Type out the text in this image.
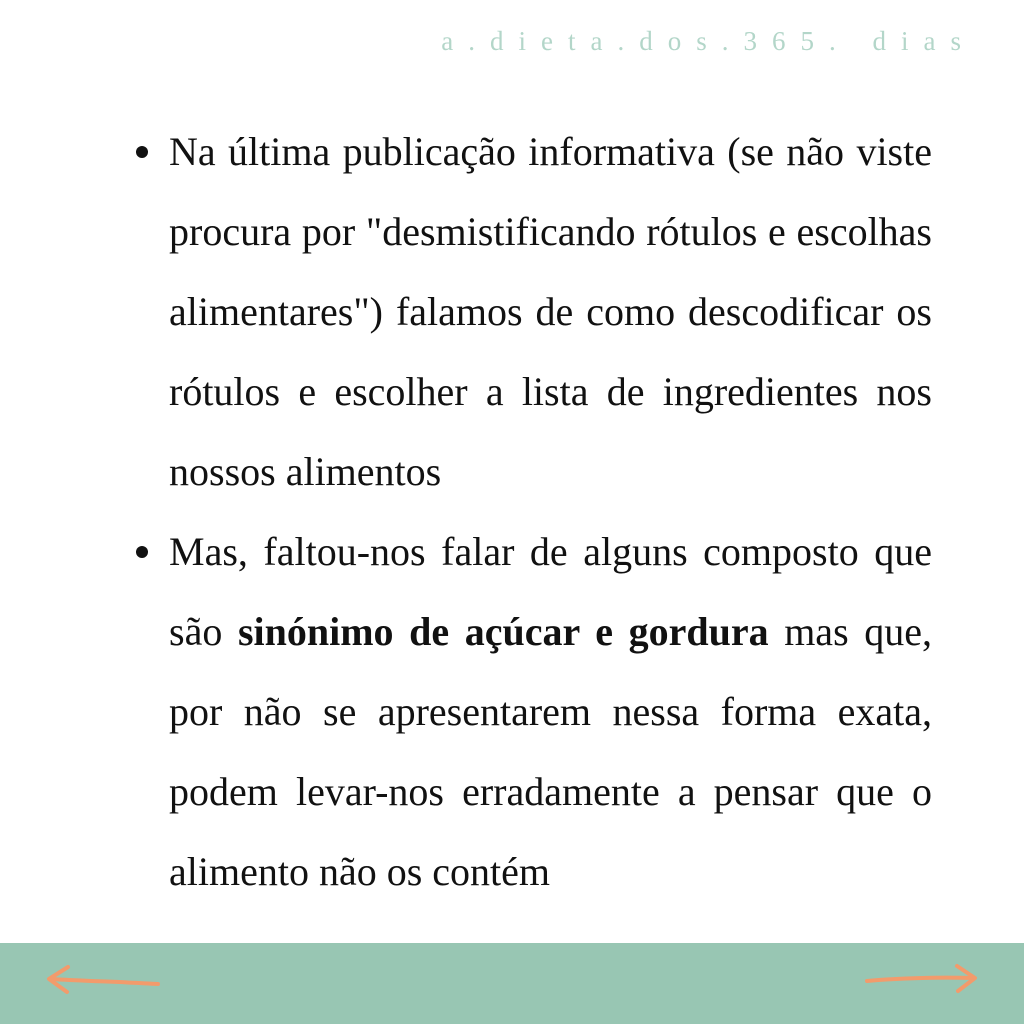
a.dieta.dos.365. dias
Na última publicação informativa (se não viste procura por "desmistificando rótulos e escolhas alimentares") falamos de como descodificar os rótulos e escolher a lista de ingredientes nos nossos alimentos
Mas, faltou-nos falar de alguns composto que são sinónimo de açúcar e gordura mas que, por não se apresentarem nessa forma exata, podem levar-nos erradamente a pensar que o alimento não os contém
